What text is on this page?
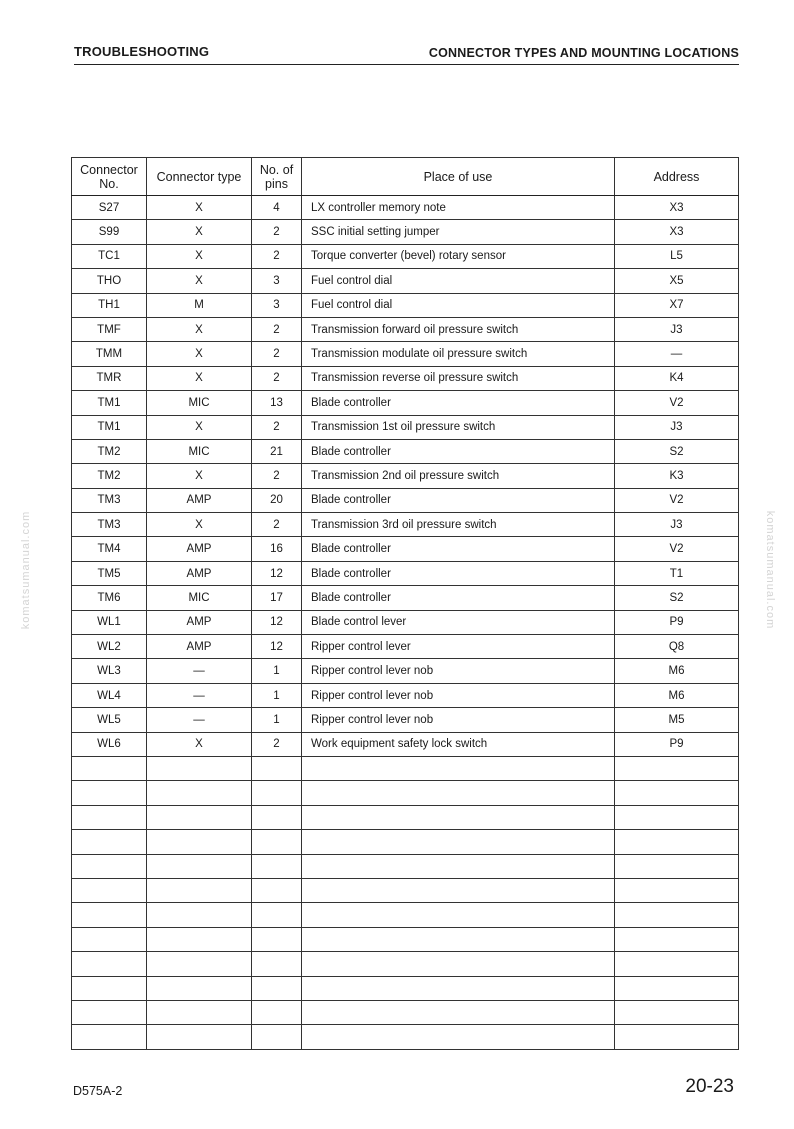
TROUBLESHOOTING	CONNECTOR TYPES AND MOUNTING LOCATIONS
komatsumanual.com	komatsumanual.com
Connector No.	Connector type	No. of pins	Place of use	Address
S27	X	4	LX controller memory note	X3
S99	X	2	SSC initial setting jumper	X3
TC1	X	2	Torque converter (bevel) rotary sensor	L5
THO	X	3	Fuel control dial	X5
TH1	M	3	Fuel control dial	X7
TMF	X	2	Transmission forward oil pressure switch	J3
TMM	X	2	Transmission modulate oil pressure switch	—
TMR	X	2	Transmission reverse oil pressure switch	K4
TM1	MIC	13	Blade controller	V2
TM1	X	2	Transmission 1st oil pressure switch	J3
TM2	MIC	21	Blade controller	S2
TM2	X	2	Transmission 2nd oil pressure switch	K3
TM3	AMP	20	Blade controller	V2
TM3	X	2	Transmission 3rd oil pressure switch	J3
TM4	AMP	16	Blade controller	V2
TM5	AMP	12	Blade controller	T1
TM6	MIC	17	Blade controller	S2
WL1	AMP	12	Blade control lever	P9
WL2	AMP	12	Ripper control lever	Q8
WL3	—	1	Ripper control lever nob	M6
WL4	—	1	Ripper control lever nob	M6
WL5	—	1	Ripper control lever nob	M5
WL6	X	2	Work equipment safety lock switch	P9

D575A-2	20-23
